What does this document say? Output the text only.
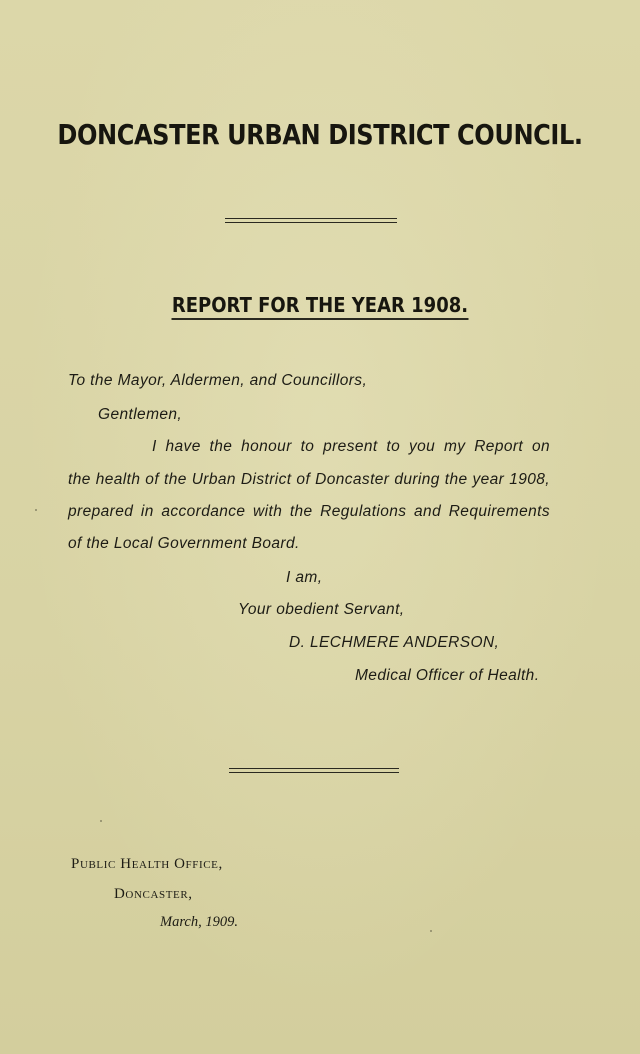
DONCASTER URBAN DISTRICT COUNCIL.
REPORT FOR THE YEAR 1908.
To the Mayor, Aldermen, and Councillors,
Gentlemen,
I have the honour to present to you my Report on
the health of the Urban District of Doncaster during the year 1908,
prepared in accordance with the Regulations and Requirements
of the Local Government Board.
I am,
Your obedient Servant,
D. LECHMERE ANDERSON,
Medical Officer of Health.
Public Health Office,
Doncaster,
March, 1909.
